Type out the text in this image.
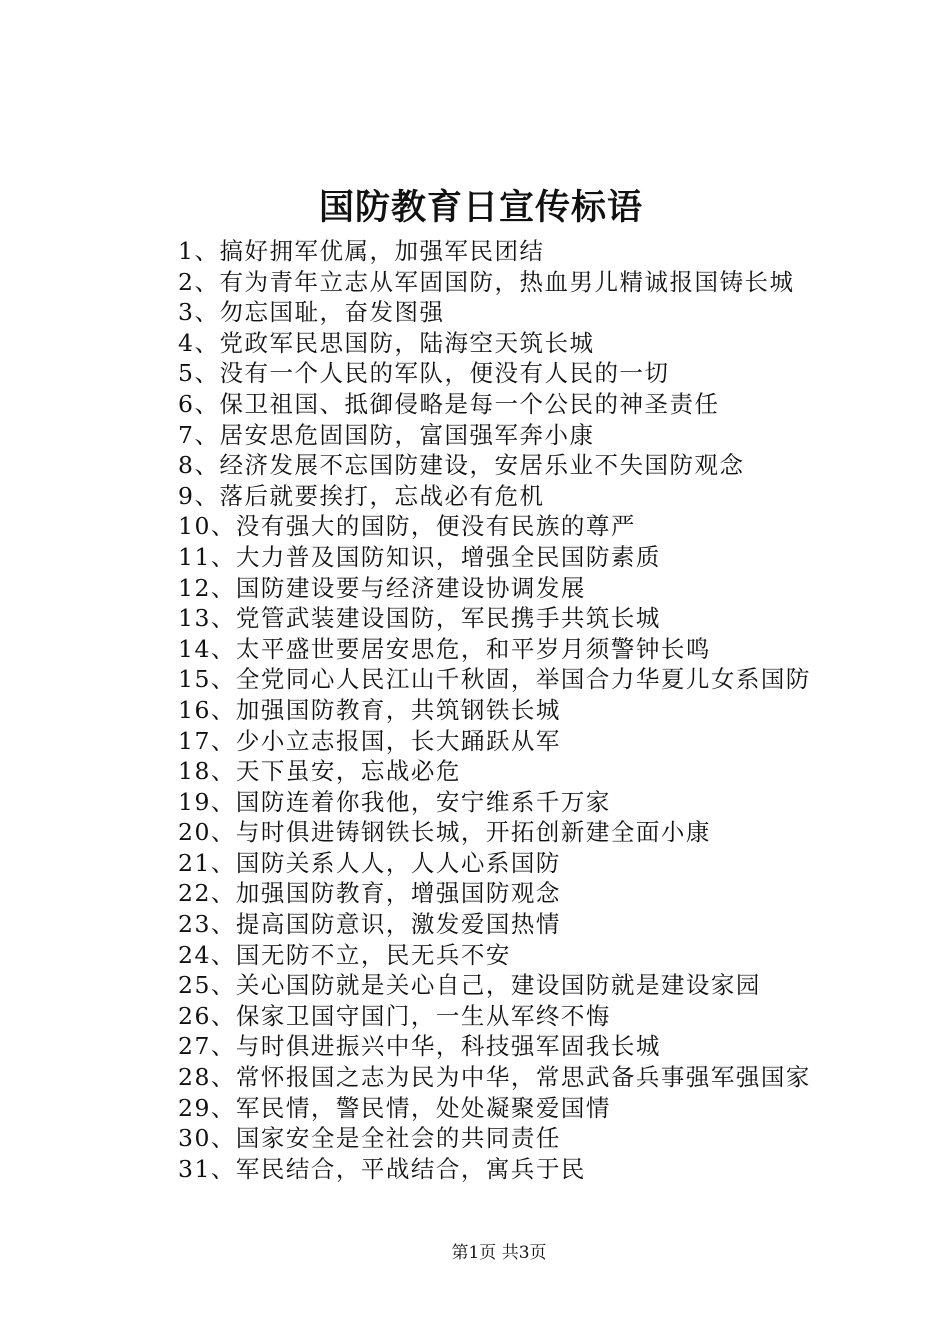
国防教育日宣传标语
1、搞好拥军优属，加强军民团结
2、有为青年立志从军固国防，热血男儿精诚报国铸长城
3、勿忘国耻，奋发图强
4、党政军民思国防，陆海空天筑长城
5、没有一个人民的军队，便没有人民的一切
6、保卫祖国、抵御侵略是每一个公民的神圣责任
7、居安思危固国防，富国强军奔小康
8、经济发展不忘国防建设，安居乐业不失国防观念
9、落后就要挨打，忘战必有危机
10、没有强大的国防，便没有民族的尊严
11、大力普及国防知识，增强全民国防素质
12、国防建设要与经济建设协调发展
13、党管武装建设国防，军民携手共筑长城
14、太平盛世要居安思危，和平岁月须警钟长鸣
15、全党同心人民江山千秋固，举国合力华夏儿女系国防
16、加强国防教育，共筑钢铁长城
17、少小立志报国，长大踊跃从军
18、天下虽安，忘战必危
19、国防连着你我他，安宁维系千万家
20、与时俱进铸钢铁长城，开拓创新建全面小康
21、国防关系人人，人人心系国防
22、加强国防教育，增强国防观念
23、提高国防意识，激发爱国热情
24、国无防不立，民无兵不安
25、关心国防就是关心自己，建设国防就是建设家园
26、保家卫国守国门，一生从军终不悔
27、与时俱进振兴中华，科技强军固我长城
28、常怀报国之志为民为中华，常思武备兵事强军强国家
29、军民情，警民情，处处凝聚爱国情
30、国家安全是全社会的共同责任
31、军民结合，平战结合，寓兵于民
第1页 共3页
